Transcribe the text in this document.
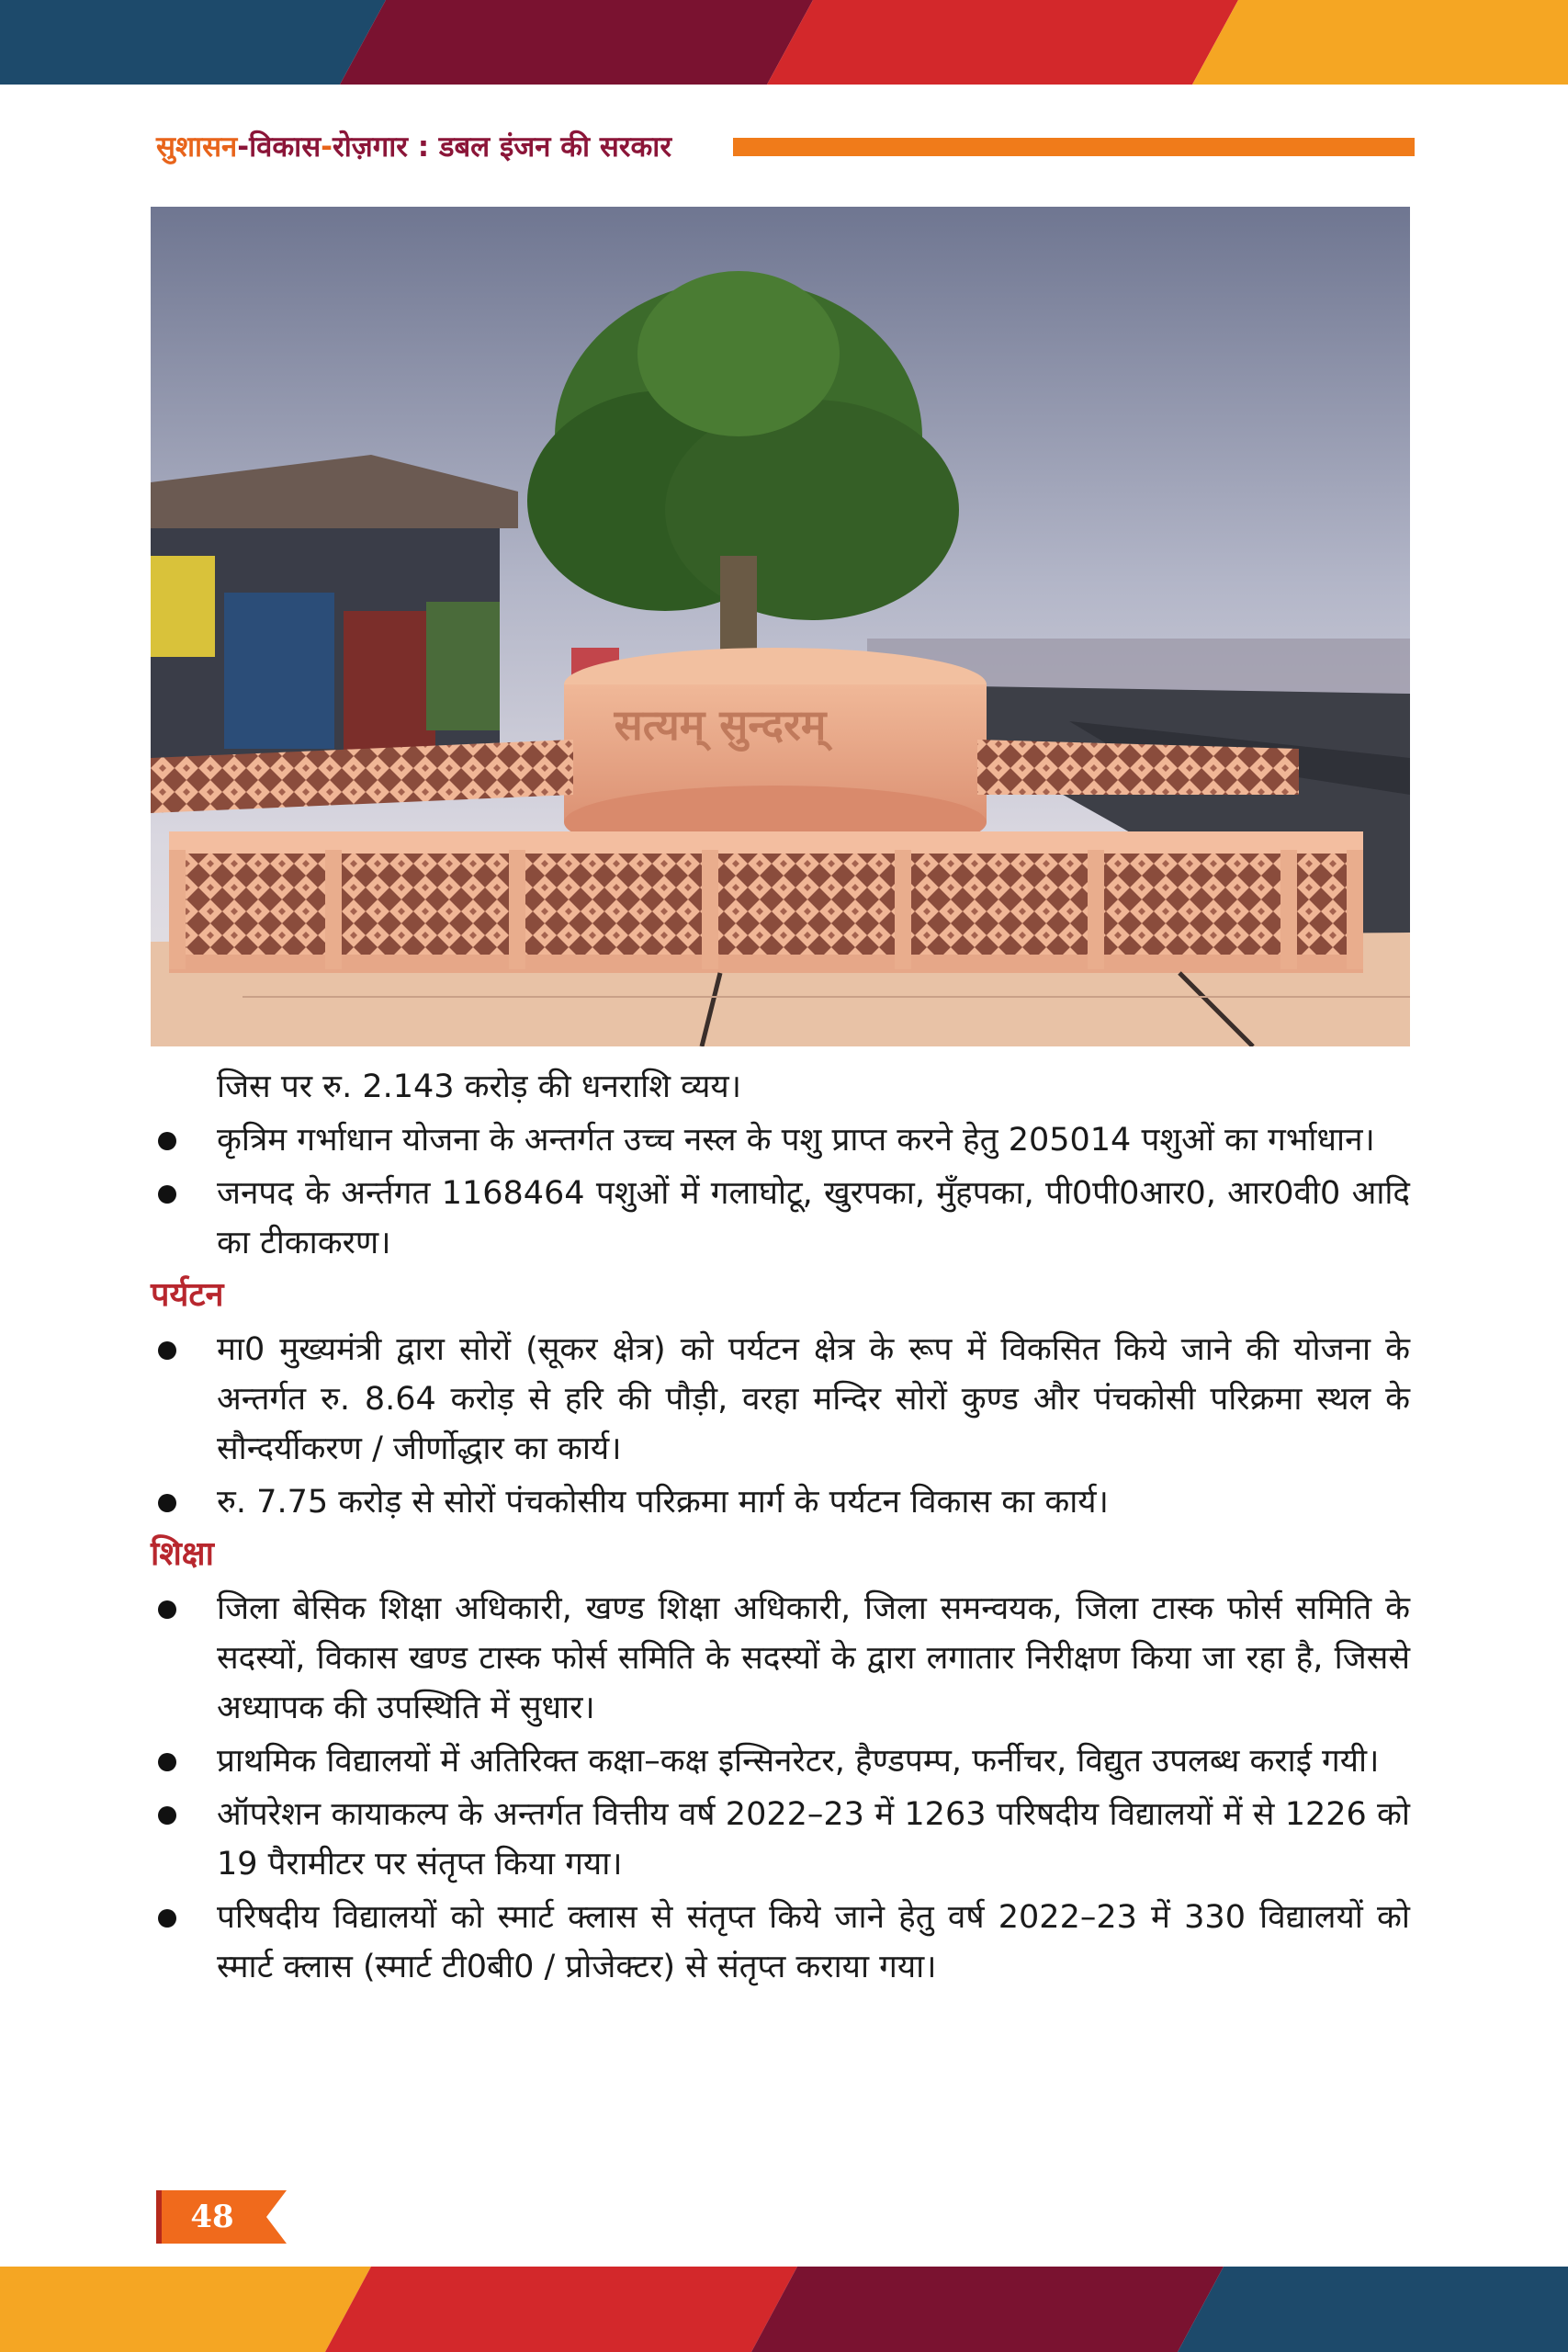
सुशासन-विकास-रोज़गार : डबल इंजन की सरकार
सत्यम् सुन्दरम्
जिस पर रु. 2.143 करोड़ की धनराशि व्यय।
कृत्रिम गर्भाधान योजना के अन्तर्गत उच्च नस्ल के पशु प्राप्त करने हेतु 205014 पशुओं का गर्भाधान।
जनपद के अर्न्तगत 1168464 पशुओं में गलाघोटू, खुरपका, मुँहपका, पी0पी0आर0, आर0वी0 आदि का टीकाकरण।
पर्यटन
मा0 मुख्यमंत्री द्वारा सोरों (सूकर क्षेत्र) को पर्यटन क्षेत्र के रूप में विकसित किये जाने की योजना के अन्तर्गत रु. 8.64 करोड़ से हरि की पौड़ी, वरहा मन्दिर सोरों कुण्ड और पंचकोसी परिक्रमा स्थल के सौन्दर्यीकरण / जीर्णोद्धार का कार्य।
रु. 7.75 करोड़ से सोरों पंचकोसीय परिक्रमा मार्ग के पर्यटन विकास का कार्य।
शिक्षा
जिला बेसिक शिक्षा अधिकारी, खण्ड शिक्षा अधिकारी, जिला समन्वयक, जिला टास्क फोर्स समिति के सदस्यों, विकास खण्ड टास्क फोर्स समिति के सदस्यों के द्वारा लगातार निरीक्षण किया जा रहा है, जिससे अध्यापक की उपस्थिति में सुधार।
प्राथमिक विद्यालयों में अतिरिक्त कक्षा–कक्ष इन्सिनरेटर, हैण्डपम्प, फर्नीचर, विद्युत उपलब्ध कराई गयी।
ऑपरेशन कायाकल्प के अन्तर्गत वित्तीय वर्ष 2022–23 में 1263 परिषदीय विद्यालयों में से 1226 को 19 पैरामीटर पर संतृप्त किया गया।
परिषदीय विद्यालयों को स्मार्ट क्लास से संतृप्त किये जाने हेतु वर्ष 2022–23 में 330 विद्यालयों को स्मार्ट क्लास (स्मार्ट टी0बी0 / प्रोजेक्टर) से संतृप्त कराया गया।
48
